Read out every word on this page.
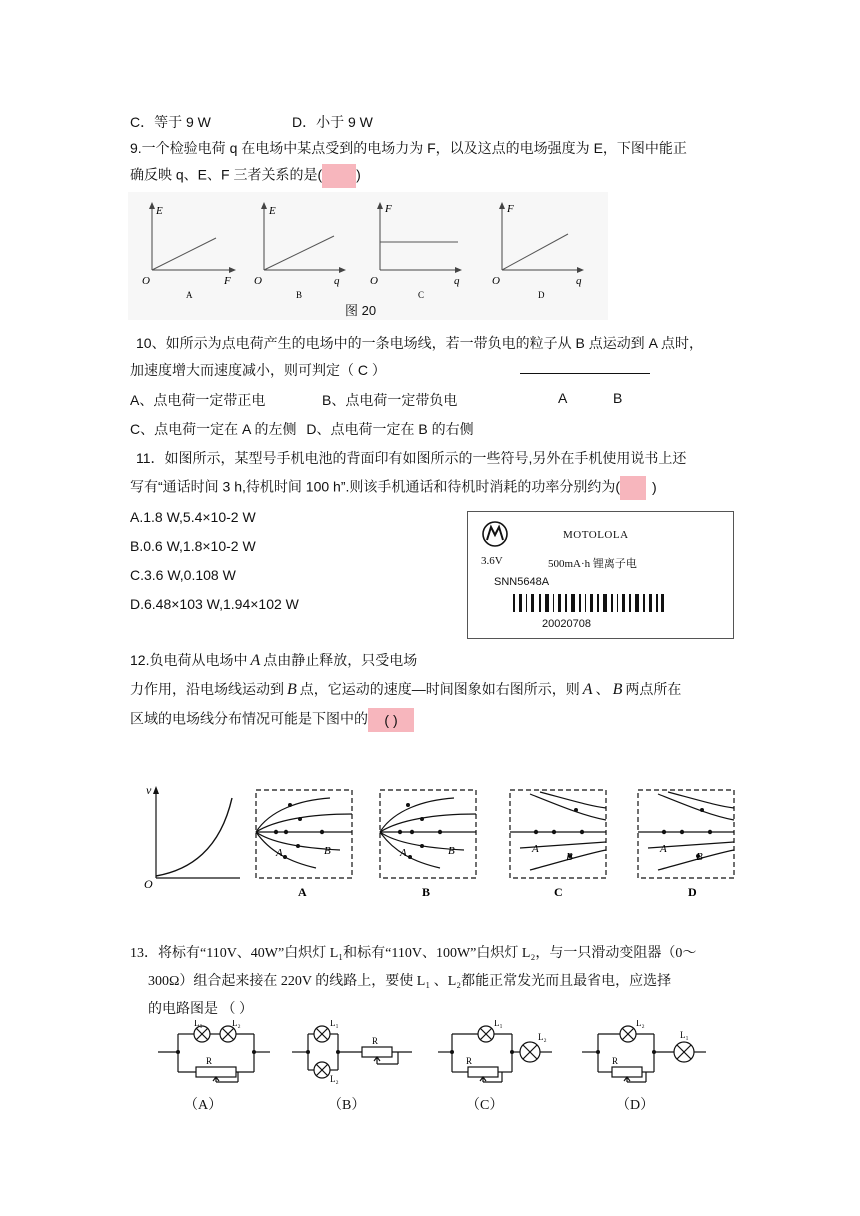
C．等于 9 W	D．小于 9 W
9.一个检验电荷 q 在电场中某点受到的电场力为 F，以及这点的电场强度为 E，下图中能正
确反映 q、E、F 三者关系的是( )
E
F
O
A
E
q
O
B
F
q
O
C
F
q
O
D
图 20
10、如所示为点电荷产生的电场中的一条电场线，若一带负电的粒子从 B 点运动到 A 点时，
加速度增大而速度减小，则可判定（ C ）
A、点电荷一定带正电	B、点电荷一定带负电	A	B
C、点电荷一定在 A 的左侧 D、点电荷一定在 B 的右侧
11．如图所示，某型号手机电池的背面印有如图所示的一些符号,另外在手机使用说书上还
写有“通话时间 3 h,待机时间 100 h”.则该手机通话和待机时消耗的功率分别约为( )
A.1.8 W,5.4×10-2 W
B.0.6 W,1.8×10-2 W
C.3.6 W,0.108 W
D.6.48×103 W,1.94×102 W
MOTOLOLA
3.6V	500mA·h 锂离子电
SNN5648A
20020708
12.负电荷从电场中 A 点由静止释放，只受电场
力作用，沿电场线运动到 B 点，它运动的速度—时间图象如右图所示，则 A 、 B 两点所在
区域的电场线分布情况可能是下图中的 ( )
v
O
A	B
A
A	B
B
A
B
C
A
B
D
13．将标有“110V、40W”白炽灯 L₁和标有“110V、100W”白炽灯 L₂，与一只滑动变阻器（0～
300Ω）组合起来接在 220V 的线路上，要使 L₁ 、L₂都能正常发光而且最省电，应选择
的电路图是 （ ）
L₁	L₂
R
L₁
L₂
R
L₁
L₂
R
L₂
L₁
R
（A）	（B）	（C）	（D）
